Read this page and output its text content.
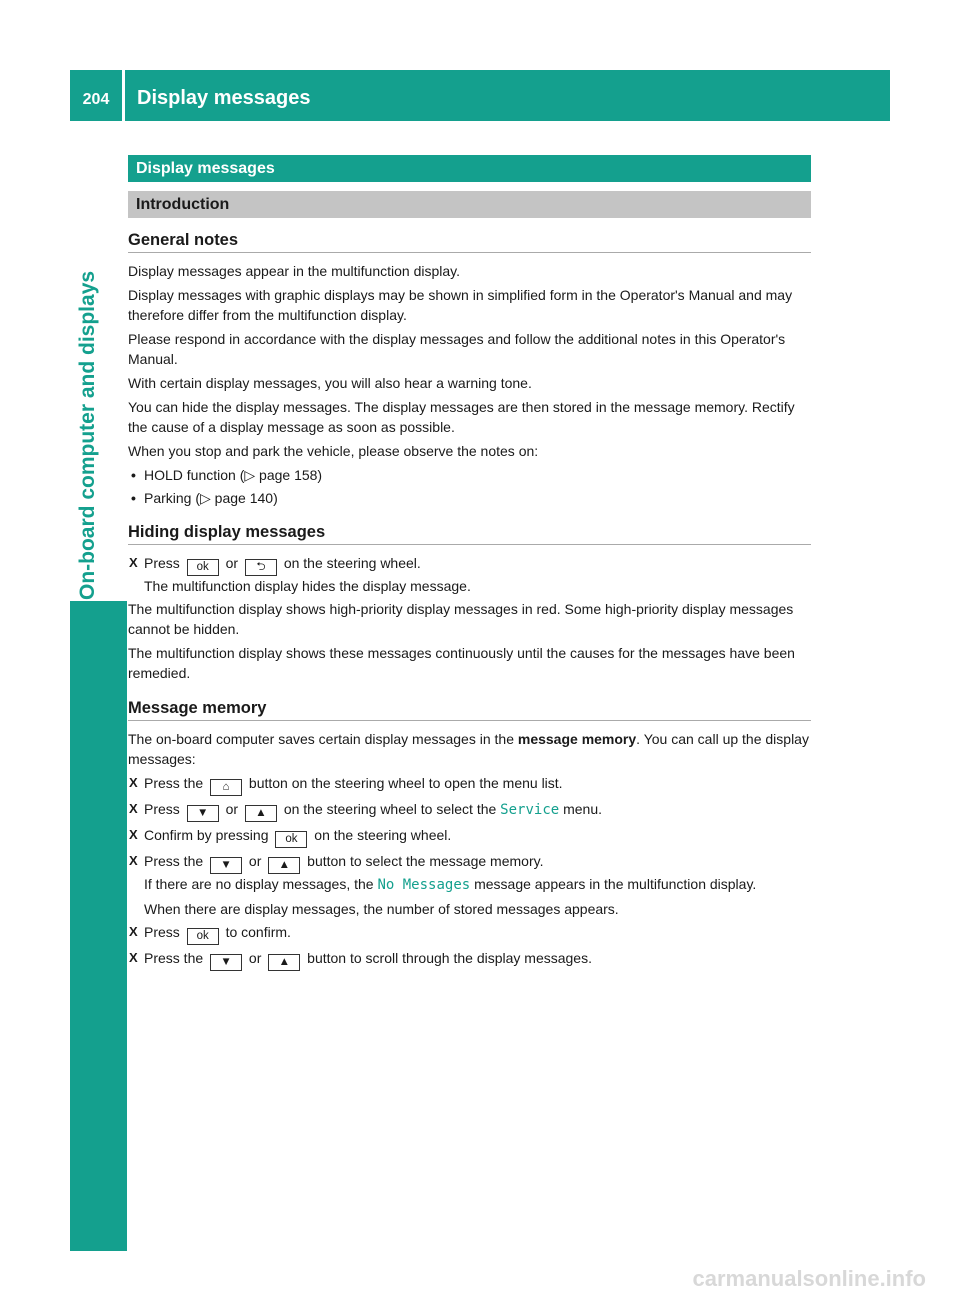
204	Display messages
On-board computer and displays
Display messages
Introduction
General notes

Display messages appear in the multifunction display.

Display messages with graphic displays may be shown in simplified form in the Operator's Manual and may therefore differ from the multifunction display.

Please respond in accordance with the display messages and follow the additional notes in this Operator's Manual.

With certain display messages, you will also hear a warning tone.

You can hide the display messages. The display messages are then stored in the message memory. Rectify the cause of a display message as soon as possible.

When you stop and park the vehicle, please observe the notes on:

• HOLD function (▷ page 158)
• Parking (▷ page 140)
Hiding display messages
X Press ok or ⮌ on the steering wheel.
The multifunction display hides the display message.

The multifunction display shows high-priority display messages in red. Some high-priority display messages cannot be hidden.

The multifunction display shows these messages continuously until the causes for the messages have been remedied.

Message memory

The on-board computer saves certain display messages in the message memory. You can call up the display messages:

X Press the ⌂ button on the steering wheel to open the menu list.
X Press ▼ or ▲ on the steering wheel to select the Service menu.
X Confirm by pressing ok on the steering wheel.
X Press the ▼ or ▲ button to select the message memory.
If there are no display messages, the No Messages message appears in the multifunction display.
When there are display messages, the number of stored messages appears.
X Press ok to confirm.
X Press the ▼ or ▲ button to scroll through the display messages.
carmanualsonline.info
